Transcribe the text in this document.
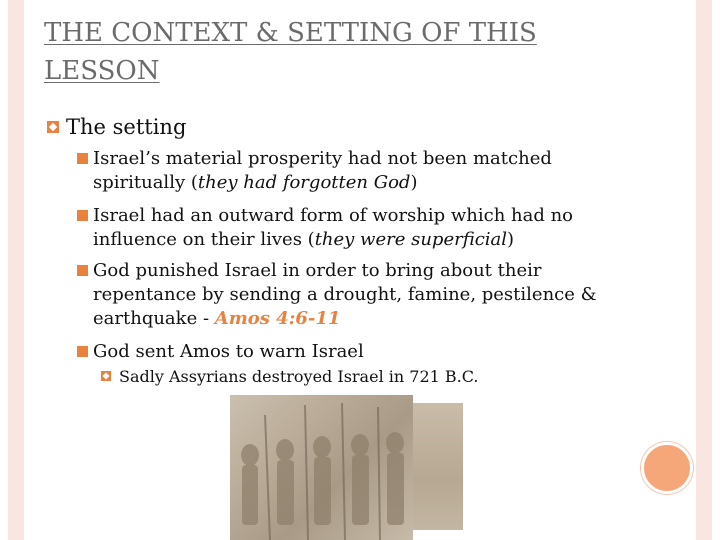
THE CONTEXT & SETTING OF THIS LESSON
The setting
Israel’s material prosperity had not been matched spiritually (they had forgotten God)
Israel had an outward form of worship which had no influence on their lives (they were superficial)
God punished Israel in order to bring about their repentance by sending a drought, famine, pestilence & earthquake - Amos 4:6-11
God sent Amos to warn Israel
Sadly Assyrians destroyed Israel in 721 B.C.
